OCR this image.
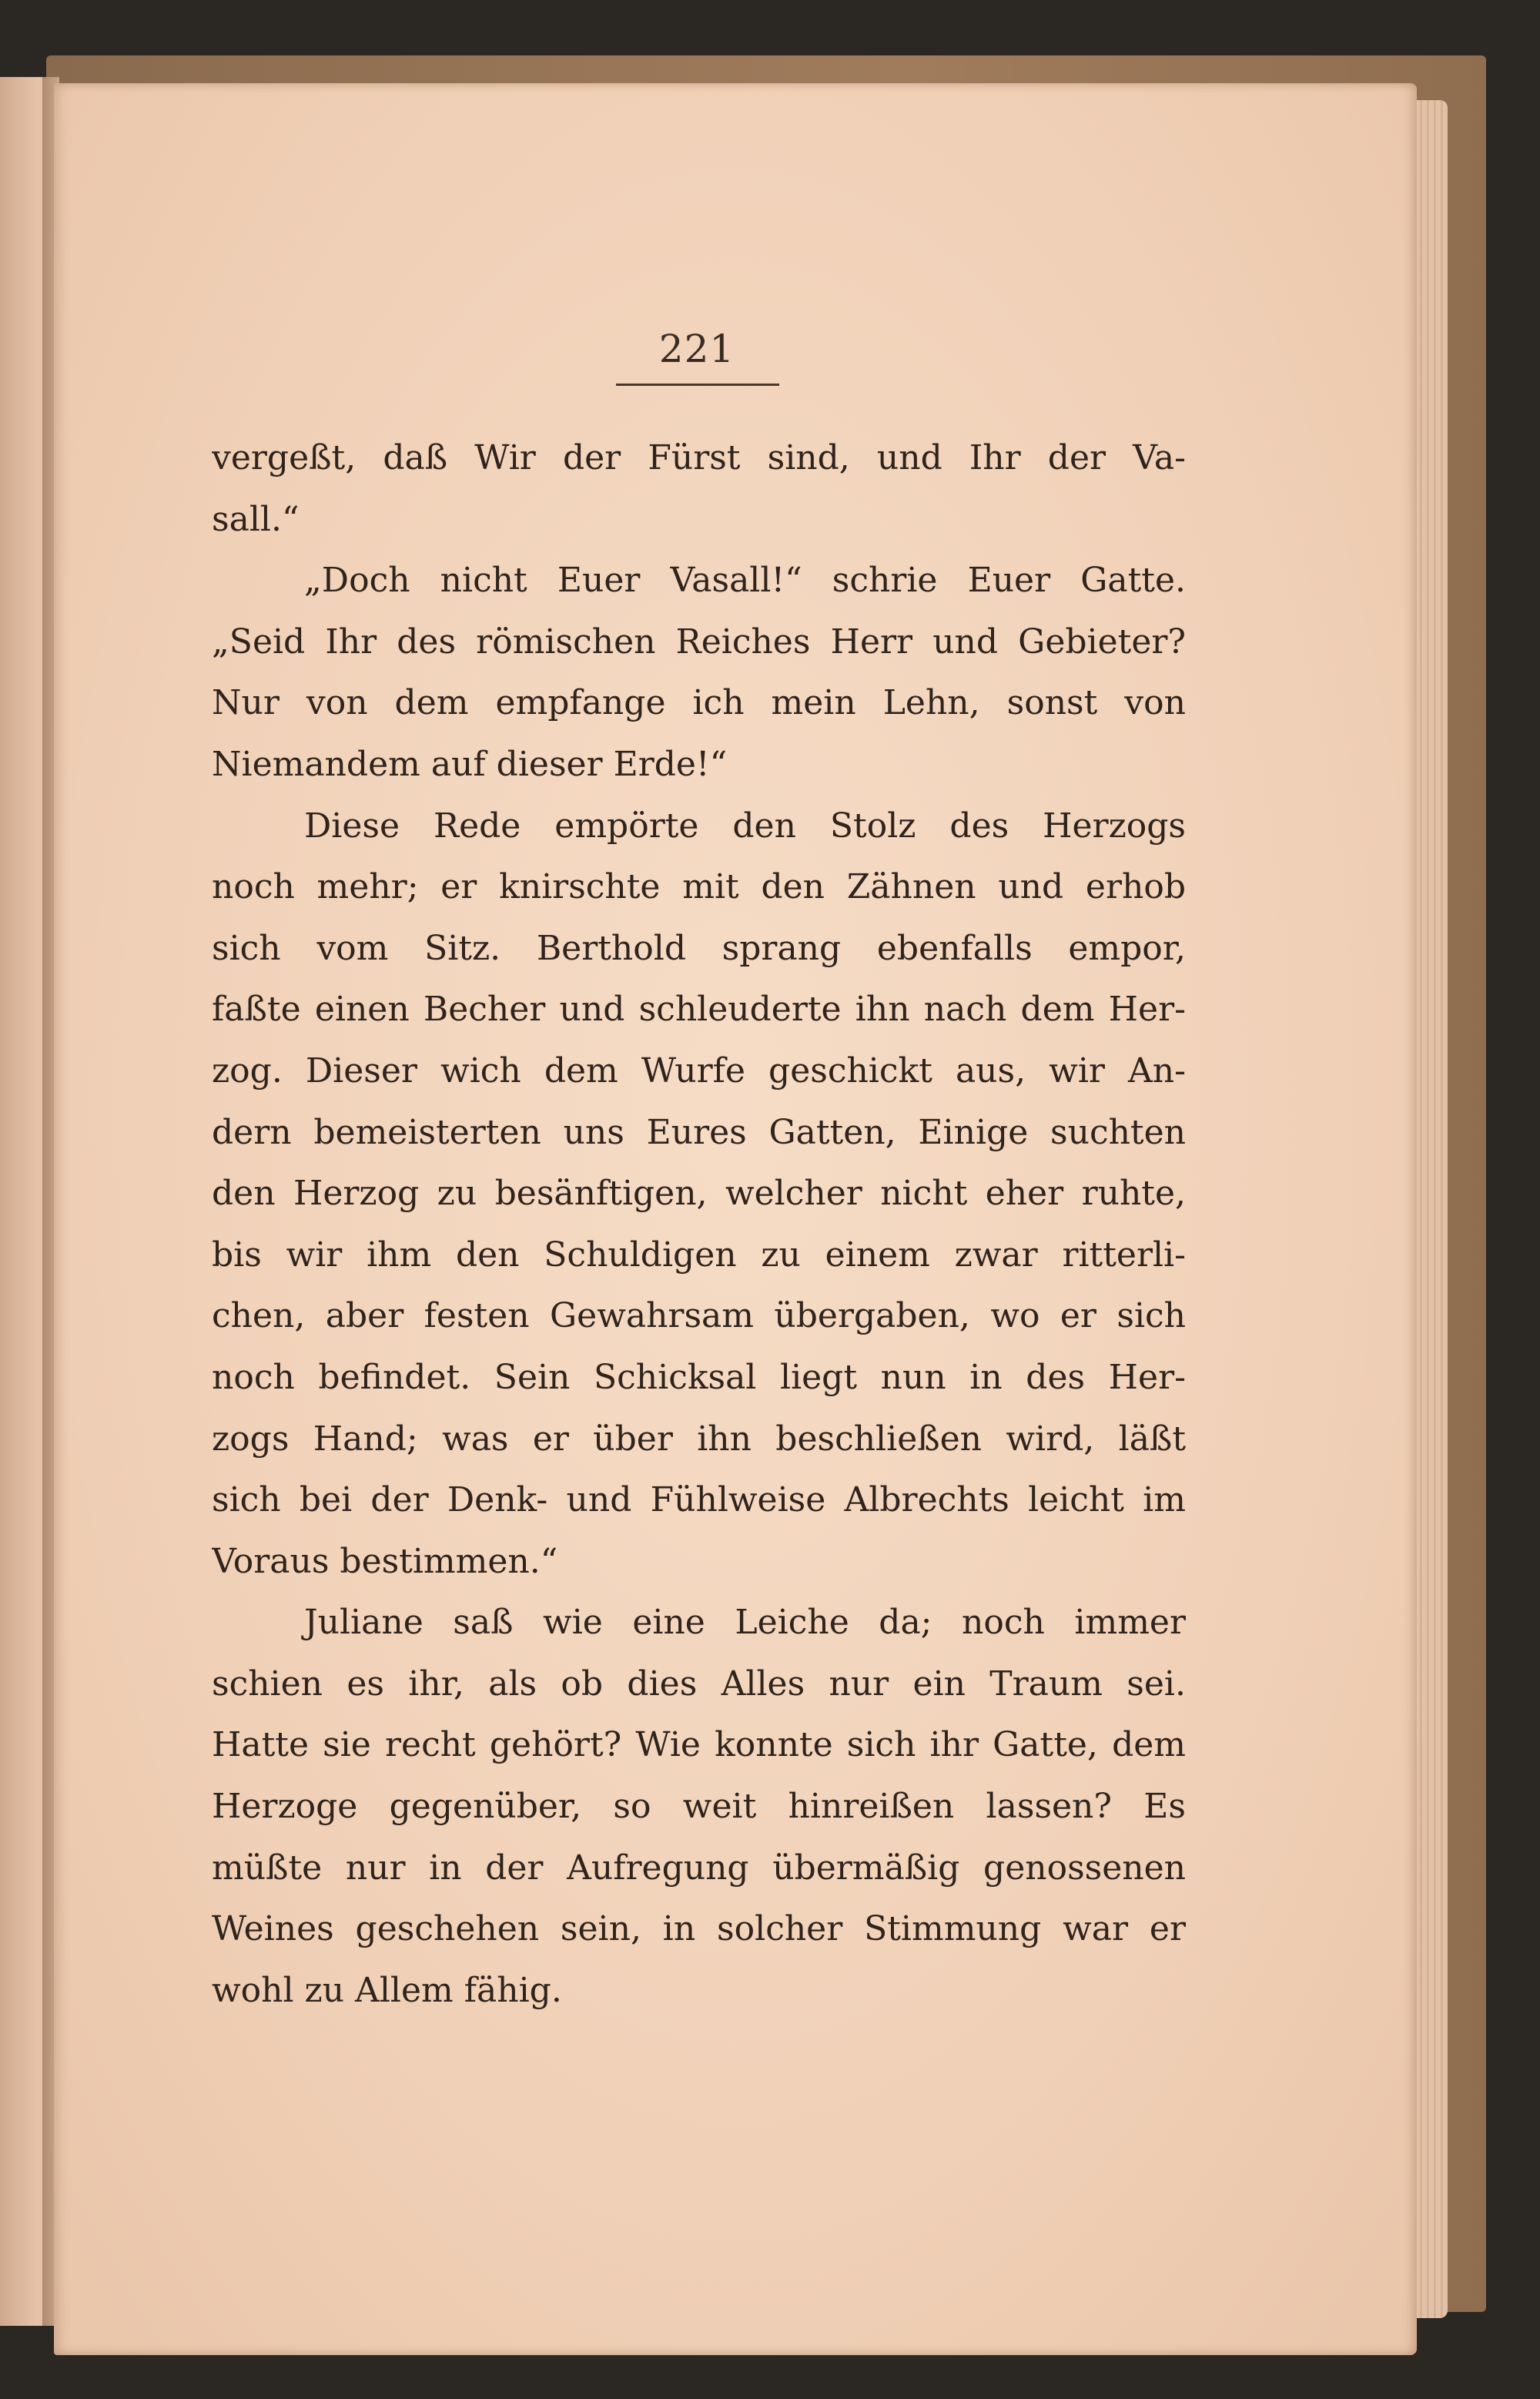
221
vergeßt, daß Wir der Fürst sind, und Ihr der Va-
sall.“
„Doch nicht Euer Vasall!“ schrie Euer Gatte.
„Seid Ihr des römischen Reiches Herr und Gebieter?
Nur von dem empfange ich mein Lehn, sonst von
Niemandem auf dieser Erde!“
Diese Rede empörte den Stolz des Herzogs
noch mehr; er knirschte mit den Zähnen und erhob
sich vom Sitz. Berthold sprang ebenfalls empor,
faßte einen Becher und schleuderte ihn nach dem Her-
zog. Dieser wich dem Wurfe geschickt aus, wir An-
dern bemeisterten uns Eures Gatten, Einige suchten
den Herzog zu besänftigen, welcher nicht eher ruhte,
bis wir ihm den Schuldigen zu einem zwar ritterli-
chen, aber festen Gewahrsam übergaben, wo er sich
noch befindet. Sein Schicksal liegt nun in des Her-
zogs Hand; was er über ihn beschließen wird, läßt
sich bei der Denk- und Fühlweise Albrechts leicht im
Voraus bestimmen.“
Juliane saß wie eine Leiche da; noch immer
schien es ihr, als ob dies Alles nur ein Traum sei.
Hatte sie recht gehört? Wie konnte sich ihr Gatte, dem
Herzoge gegenüber, so weit hinreißen lassen? Es
müßte nur in der Aufregung übermäßig genossenen
Weines geschehen sein, in solcher Stimmung war er
wohl zu Allem fähig.
